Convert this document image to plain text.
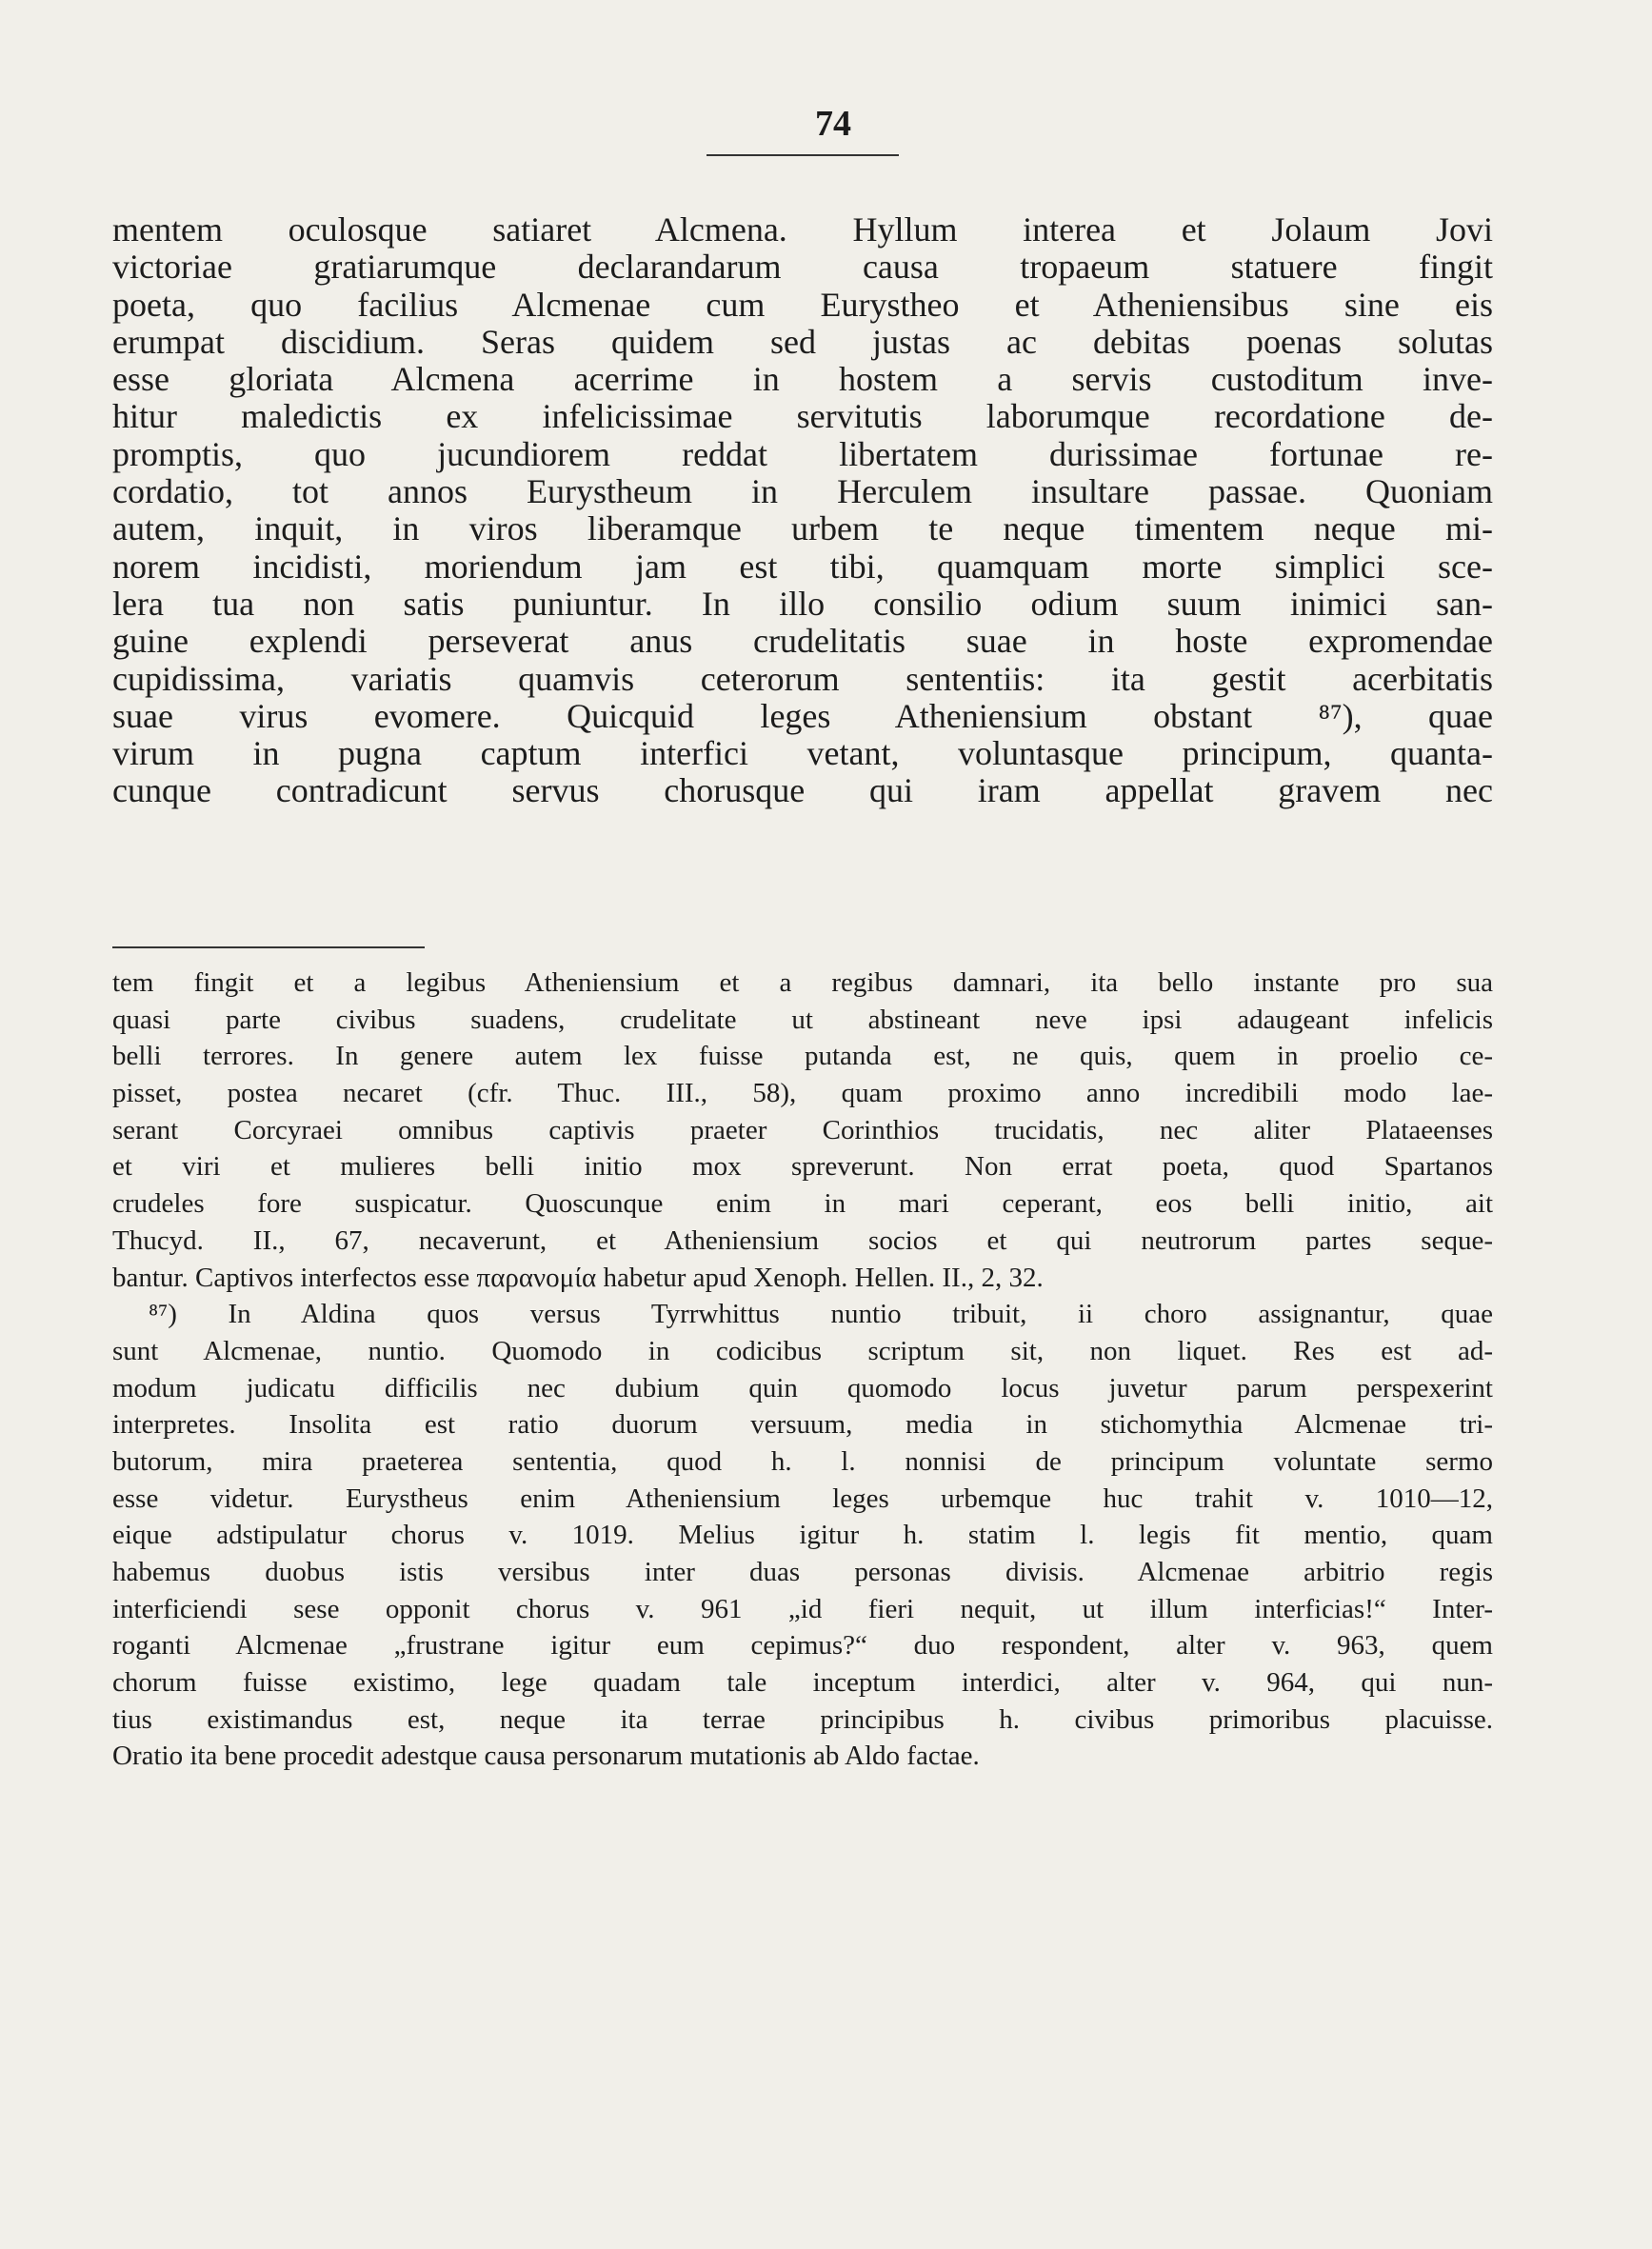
74
mentem oculosque satiaret Alcmena. Hyllum interea et Jolaum Jovi
victoriae gratiarumque declarandarum causa tropaeum statuere fingit
poeta, quo facilius Alcmenae cum Eurystheo et Atheniensibus sine eis
erumpat discidium. Seras quidem sed justas ac debitas poenas solutas
esse gloriata Alcmena acerrime in hostem a servis custoditum inve-
hitur maledictis ex infelicissimae servitutis laborumque recordatione de-
promptis, quo jucundiorem reddat libertatem durissimae fortunae re-
cordatio, tot annos Eurystheum in Herculem insultare passae. Quoniam
autem, inquit, in viros liberamque urbem te neque timentem neque mi-
norem incidisti, moriendum jam est tibi, quamquam morte simplici sce-
lera tua non satis puniuntur. In illo consilio odium suum inimici san-
guine explendi perseverat anus crudelitatis suae in hoste expromendae
cupidissima, variatis quamvis ceterorum sententiis: ita gestit acerbitatis
suae virus evomere. Quicquid leges Atheniensium obstant ⁸⁷), quae
virum in pugna captum interfici vetant, voluntasque principum, quanta-
cunque contradicunt servus chorusque qui iram appellat gravem nec
tem fingit et a legibus Atheniensium et a regibus damnari, ita bello instante pro sua
quasi parte civibus suadens, crudelitate ut abstineant neve ipsi adaugeant infelicis
belli terrores. In genere autem lex fuisse putanda est, ne quis, quem in proelio ce-
pisset, postea necaret (cfr. Thuc. III., 58), quam proximo anno incredibili modo lae-
serant Corcyraei omnibus captivis praeter Corinthios trucidatis, nec aliter Plataeenses
et viri et mulieres belli initio mox spreverunt. Non errat poeta, quod Spartanos
crudeles fore suspicatur. Quoscunque enim in mari ceperant, eos belli initio, ait
Thucyd. II., 67, necaverunt, et Atheniensium socios et qui neutrorum partes seque-
bantur. Captivos interfectos esse παρανομία habetur apud Xenoph. Hellen. II., 2, 32.
⁸⁷) In Aldina quos versus Tyrrwhittus nuntio tribuit, ii choro assignantur, quae
sunt Alcmenae, nuntio. Quomodo in codicibus scriptum sit, non liquet. Res est ad-
modum judicatu difficilis nec dubium quin quomodo locus juvetur parum perspexerint
interpretes. Insolita est ratio duorum versuum, media in stichomythia Alcmenae tri-
butorum, mira praeterea sententia, quod h. l. nonnisi de principum voluntate sermo
esse videtur. Eurystheus enim Atheniensium leges urbemque huc trahit v. 1010—12,
eique adstipulatur chorus v. 1019. Melius igitur h. statim l. legis fit mentio, quam
habemus duobus istis versibus inter duas personas divisis. Alcmenae arbitrio regis
interficiendi sese opponit chorus v. 961 „id fieri nequit, ut illum interficias!“ Inter-
roganti Alcmenae „frustrane igitur eum cepimus?“ duo respondent, alter v. 963, quem
chorum fuisse existimo, lege quadam tale inceptum interdici, alter v. 964, qui nun-
tius existimandus est, neque ita terrae principibus h. civibus primoribus placuisse.
Oratio ita bene procedit adestque causa personarum mutationis ab Aldo factae.
